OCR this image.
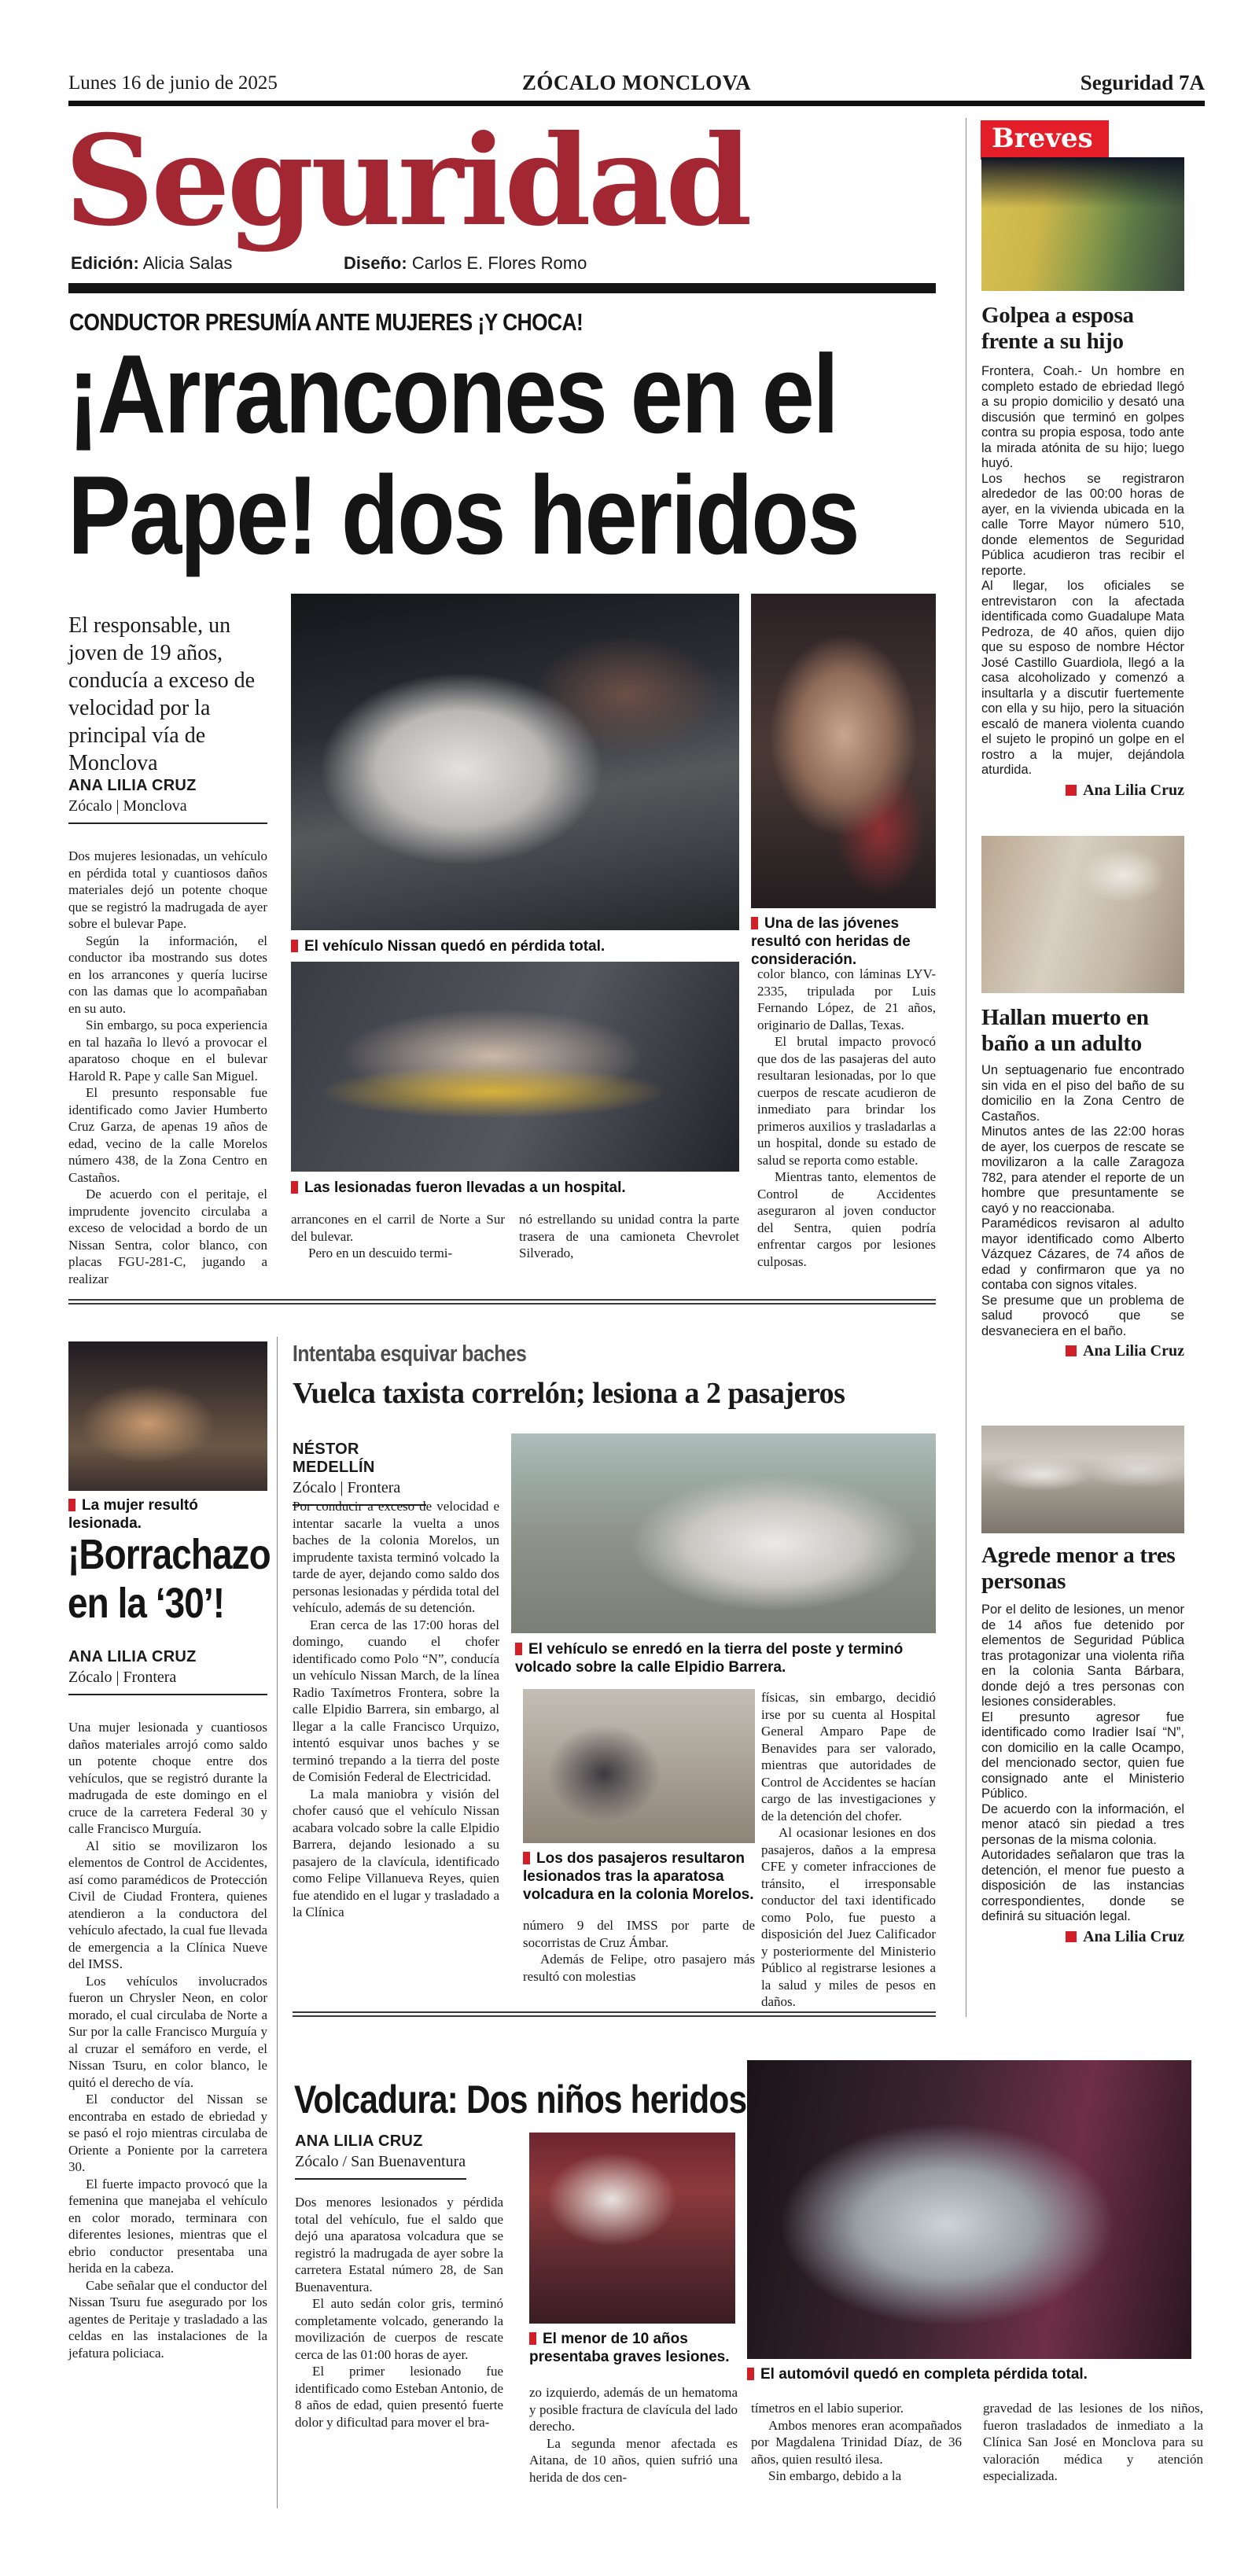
Lunes 16 de junio de 2025	ZÓCALO MONCLOVA	Seguridad 7A
Seguridad
Edición: Alicia Salas	Diseño: Carlos E. Flores Romo
CONDUCTOR PRESUMÍA ANTE MUJERES ¡Y CHOCA!
¡Arrancones en el
Pape! dos heridos
El responsable, un joven de 19 años, conducía a exceso de velocidad por la principal vía de Monclova
ANA LILIA CRUZ
Zócalo | Monclova

Dos mujeres lesionadas, un vehículo en pérdida total y cuantiosos daños materiales dejó un potente choque que se registró la madrugada de ayer sobre el bulevar Pape.

Según la información, el conductor iba mostrando sus dotes en los arrancones y quería lucirse con las damas que lo acompañaban en su auto.

Sin embargo, su poca experiencia en tal hazaña lo llevó a provocar el aparatoso choque en el bulevar Harold R. Pape y calle San Miguel.

El presunto responsable fue identificado como Javier Humberto Cruz Garza, de apenas 19 años de edad, vecino de la calle Morelos número 438, de la Zona Centro en Castaños.

De acuerdo con el peritaje, el imprudente jovencito circulaba a exceso de velocidad a bordo de un Nissan Sentra, color blanco, con placas FGU-281-C, jugando a realizar

El vehículo Nissan quedó en pérdida total.
Una de las jóvenes resultó con heridas de consideración.
Las lesionadas fueron llevadas a un hospital.

arrancones en el carril de Norte a Sur del bulevar.

Pero en un descuido termi-

nó estrellando su unidad contra la parte trasera de una camioneta Chevrolet Silverado,

color blanco, con láminas LYV-2335, tripulada por Luis Fernando López, de 21 años, originario de Dallas, Texas.

El brutal impacto provocó que dos de las pasajeras del auto resultaran lesionadas, por lo que cuerpos de rescate acudieron de inmediato para brindar los primeros auxilios y trasladarlas a un hospital, donde su estado de salud se reporta como estable.

Mientras tanto, elementos de Control de Accidentes aseguraron al joven conductor del Sentra, quien podría enfrentar cargos por lesiones culposas.

La mujer resultó lesionada.
¡Borrachazo
en la ‘30’!
ANA LILIA CRUZ
Zócalo | Frontera

Una mujer lesionada y cuantiosos daños materiales arrojó como saldo un potente choque entre dos vehículos, que se registró durante la madrugada de este domingo en el cruce de la carretera Federal 30 y calle Francisco Murguía.

Al sitio se movilizaron los elementos de Control de Accidentes, así como paramédicos de Protección Civil de Ciudad Frontera, quienes atendieron a la conductora del vehículo afectado, la cual fue llevada de emergencia a la Clínica Nueve del IMSS.

Los vehículos involucrados fueron un Chrysler Neon, en color morado, el cual circulaba de Norte a Sur por la calle Francisco Murguía y al cruzar el semáforo en verde, el Nissan Tsuru, en color blanco, le quitó el derecho de vía.

El conductor del Nissan se encontraba en estado de ebriedad y se pasó el rojo mientras circulaba de Oriente a Poniente por la carretera 30.

El fuerte impacto provocó que la femenina que manejaba el vehículo en color morado, terminara con diferentes lesiones, mientras que el ebrio conductor presentaba una herida en la cabeza.

Cabe señalar que el conductor del Nissan Tsuru fue asegurado por los agentes de Peritaje y trasladado a las celdas en las instalaciones de la jefatura policiaca.

Intentaba esquivar baches
Vuelca taxista correlón; lesiona a 2 pasajeros
NÉSTOR MEDELLÍN
Zócalo | Frontera

Por conducir a exceso de velocidad e intentar sacarle la vuelta a unos baches de la colonia Morelos, un imprudente taxista terminó volcado la tarde de ayer, dejando como saldo dos personas lesionadas y pérdida total del vehículo, además de su detención.

Eran cerca de las 17:00 horas del domingo, cuando el chofer identificado como Polo “N”, conducía un vehículo Nissan March, de la línea Radio Taxímetros Frontera, sobre la calle Elpidio Barrera, sin embargo, al llegar a la calle Francisco Urquizo, intentó esquivar unos baches y se terminó trepando a la tierra del poste de Comisión Federal de Electricidad.

La mala maniobra y visión del chofer causó que el vehículo Nissan acabara volcado sobre la calle Elpidio Barrera, dejando lesionado a su pasajero de la clavícula, identificado como Felipe Villanueva Reyes, quien fue atendido en el lugar y trasladado a la Clínica

El vehículo se enredó en la tierra del poste y terminó volcado sobre la calle Elpidio Barrera.
Los dos pasajeros resultaron lesionados tras la aparatosa volcadura en la colonia Morelos.

número 9 del IMSS por parte de socorristas de Cruz Ámbar.

Además de Felipe, otro pasajero más resultó con molestias

físicas, sin embargo, decidió irse por su cuenta al Hospital General Amparo Pape de Benavides para ser valorado, mientras que autoridades de Control de Accidentes se hacían cargo de las investigaciones y de la detención del chofer.

Al ocasionar lesiones en dos pasajeros, daños a la empresa CFE y cometer infracciones de tránsito, el irresponsable conductor del taxi identificado como Polo, fue puesto a disposición del Juez Calificador y posteriormente del Ministerio Público al registrarse lesiones a la salud y miles de pesos en daños.

Volcadura: Dos niños heridos
ANA LILIA CRUZ
Zócalo / San Buenaventura

Dos menores lesionados y pérdida total del vehículo, fue el saldo que dejó una aparatosa volcadura que se registró la madrugada de ayer sobre la carretera Estatal número 28, de San Buenaventura.

El auto sedán color gris, terminó completamente volcado, generando la movilización de cuerpos de rescate cerca de las 01:00 horas de ayer.

El primer lesionado fue identificado como Esteban Antonio, de 8 años de edad, quien presentó fuerte dolor y dificultad para mover el bra-

El menor de 10 años presentaba graves lesiones.

zo izquierdo, además de un hematoma y posible fractura de clavícula del lado derecho.

La segunda menor afectada es Aitana, de 10 años, quien sufrió una herida de dos cen-

El automóvil quedó en completa pérdida total.

tímetros en el labio superior.

Ambos menores eran acompañados por Magdalena Trinidad Díaz, de 36 años, quien resultó ilesa.

Sin embargo, debido a la

gravedad de las lesiones de los niños, fueron trasladados de inmediato a la Clínica San José en Monclova para su valoración médica y atención especializada.

Breves
Golpea a esposa frente a su hijo

Frontera, Coah.- Un hombre en completo estado de ebriedad llegó a su propio domicilio y desató una discusión que terminó en golpes contra su propia esposa, todo ante la mirada atónita de su hijo; luego huyó.

Los hechos se registraron alrededor de las 00:00 horas de ayer, en la vivienda ubicada en la calle Torre Mayor número 510, donde elementos de Seguridad Pública acudieron tras recibir el reporte.

Al llegar, los oficiales se entrevistaron con la afectada identificada como Guadalupe Mata Pedroza, de 40 años, quien dijo que su esposo de nombre Héctor José Castillo Guardiola, llegó a la casa alcoholizado y comenzó a insultarla y a discutir fuertemente con ella y su hijo, pero la situación escaló de manera violenta cuando el sujeto le propinó un golpe en el rostro a la mujer, dejándola aturdida.

Ana Lilia Cruz
Hallan muerto en baño a un adulto

Un septuagenario fue encontrado sin vida en el piso del baño de su domicilio en la Zona Centro de Castaños.

Minutos antes de las 22:00 horas de ayer, los cuerpos de rescate se movilizaron a la calle Zaragoza 782, para atender el reporte de un hombre que presuntamente se cayó y no reaccionaba.

Paramédicos revisaron al adulto mayor identificado como Alberto Vázquez Cázares, de 74 años de edad y confirmaron que ya no contaba con signos vitales.

Se presume que un problema de salud provocó que se desvaneciera en el baño.

Ana Lilia Cruz
Agrede menor a tres personas

Por el delito de lesiones, un menor de 14 años fue detenido por elementos de Seguridad Pública tras protagonizar una violenta riña en la colonia Santa Bárbara, donde dejó a tres personas con lesiones considerables.

El presunto agresor fue identificado como Iradier Isaí “N”, con domicilio en la calle Ocampo, del mencionado sector, quien fue consignado ante el Ministerio Público.

De acuerdo con la información, el menor atacó sin piedad a tres personas de la misma colonia.

Autoridades señalaron que tras la detención, el menor fue puesto a disposición de las instancias correspondientes, donde se definirá su situación legal.

Ana Lilia Cruz
